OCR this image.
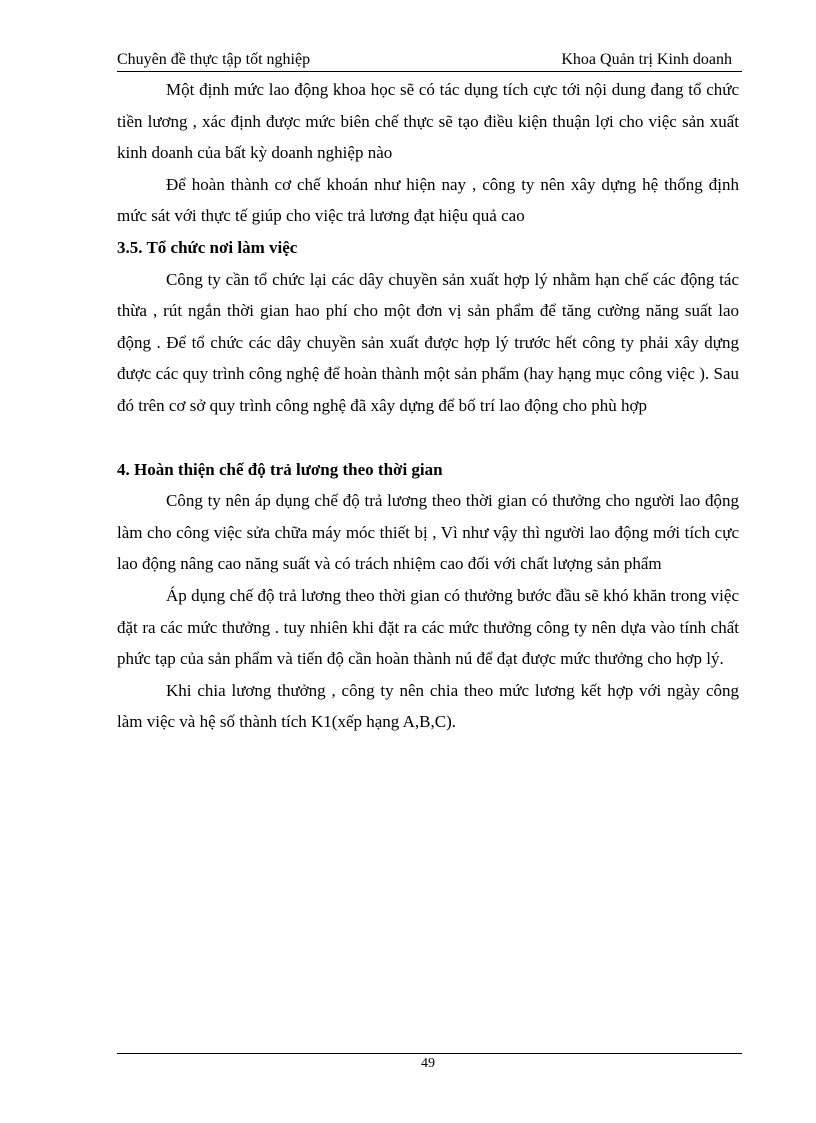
Chuyên đề thực tập tốt nghiệp	Khoa Quản trị Kinh doanh

Một định mức lao động khoa học sẽ có tác dụng tích cực tới nội dung đang tổ chức tiền lương , xác định được mức biên chế thực sẽ tạo điều kiện thuận lợi cho việc sản xuất kinh doanh của bất kỳ doanh nghiệp nào

Để hoàn thành cơ chế khoán như hiện nay , công ty nên xây dựng hệ thống định mức sát với thực tế giúp cho việc trả lương đạt hiệu quả cao

3.5. Tổ chức nơi làm việc

Công ty cần tổ chức lại các dây chuyền sản xuất hợp lý nhằm hạn chế các động tác thừa , rút ngắn thời gian hao phí cho một đơn vị sản phẩm để tăng cường năng suất lao động . Để tổ chức các dây chuyền sản xuất được hợp lý trước hết công ty phải xây dựng được các quy trình công nghệ để hoàn thành một sản phẩm (hay hạng mục công việc ). Sau đó trên cơ sở quy trình công nghệ đã xây dựng để bố trí lao động cho phù hợp

4. Hoàn thiện chế độ trả lương theo thời gian

Công ty nên áp dụng chế độ trả lương theo thời gian có thưởng cho người lao động làm cho công việc sửa chữa máy móc thiết bị , Vì như vậy thì người lao động mới tích cực lao động nâng cao năng suất và có trách nhiệm cao đối với chất lượng sản phẩm

Áp dụng chế độ trả lương theo thời gian có thưởng bước đầu sẽ khó khăn trong việc đặt ra các mức thưởng . tuy nhiên khi đặt ra các mức thưởng công ty nên dựa vào tính chất phức tạp của sản phẩm và tiến độ cần hoàn thành nú để đạt được mức thưởng cho hợp lý.

Khi chia lương thưởng , công ty nên chia theo mức lương kết hợp với ngày công làm việc và hệ số thành tích K1(xếp hạng A,B,C).

49
